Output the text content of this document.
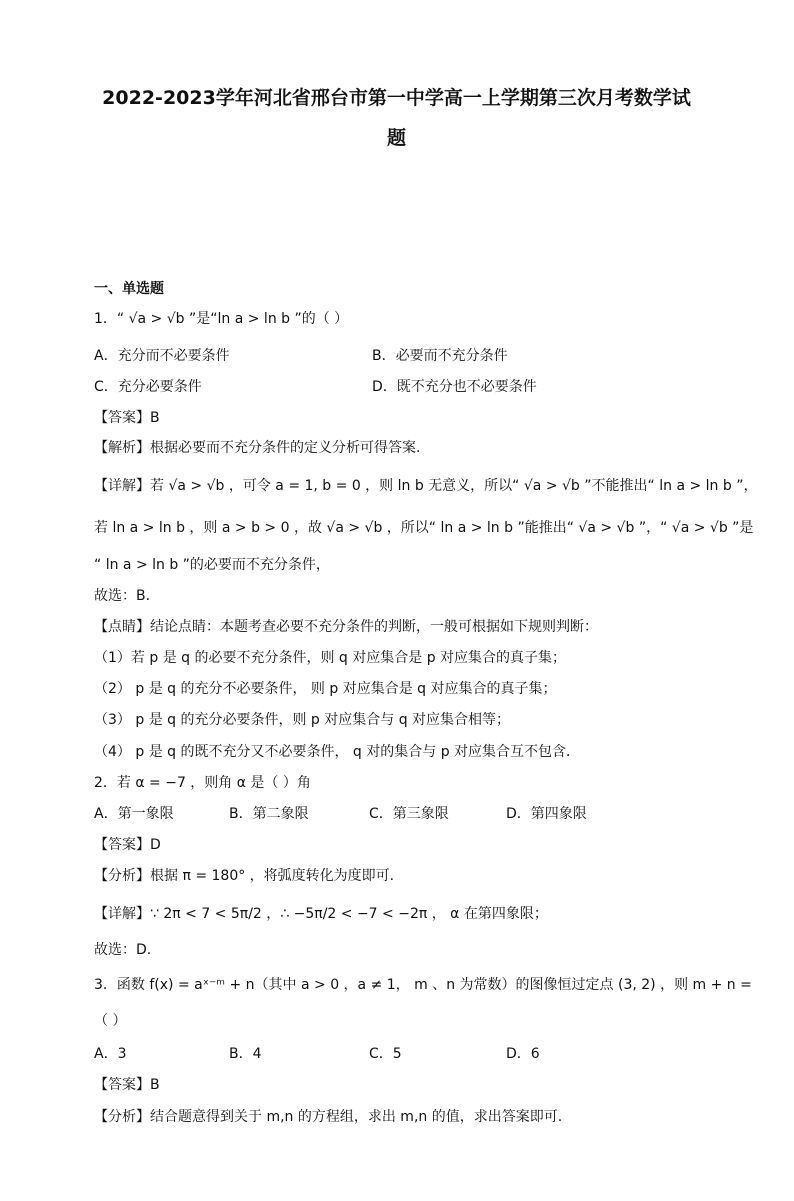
2022-2023学年河北省邢台市第一中学高一上学期第三次月考数学试
题
一、单选题
1．“ √a > √b ”是“ln a > ln b ”的（ ）
A．充分而不必要条件	B．必要而不充分条件
C．充分必要条件	D．既不充分也不必要条件
【答案】B
【解析】根据必要而不充分条件的定义分析可得答案.
【详解】若 √a > √b ，可令 a = 1, b = 0 ，则 ln b 无意义，所以“ √a > √b ”不能推出“ ln a > ln b ”，
若 ln a > ln b ，则 a > b > 0 ，故 √a > √b ，所以“ ln a > ln b ”能推出“ √a > √b ”，“ √a > √b ”是
“ ln a > ln b ”的必要而不充分条件，
故选：B．
【点睛】结论点睛：本题考查必要不充分条件的判断，一般可根据如下规则判断：
（1）若 p 是 q 的必要不充分条件，则 q 对应集合是 p 对应集合的真子集；
（2） p 是 q 的充分不必要条件， 则 p 对应集合是 q 对应集合的真子集；
（3） p 是 q 的充分必要条件，则 p 对应集合与 q 对应集合相等；
（4） p 是 q 的既不充分又不必要条件， q 对的集合与 p 对应集合互不包含．
2．若 α = −7 ，则角 α 是（ ）角
A．第一象限	B．第二象限	C．第三象限	D．第四象限
【答案】D
【分析】根据 π = 180° ，将弧度转化为度即可.
【详解】∵ 2π < 7 < 5π/2 ，∴ −5π/2 < −7 < −2π ， α 在第四象限；
故选：D.
3．函数 f(x) = aˣ⁻ᵐ + n（其中 a > 0 ，a ≠ 1， m 、n 为常数）的图像恒过定点 (3, 2) ，则 m + n =
（ ）
A．3	B．4	C．5	D．6
【答案】B
【分析】结合题意得到关于 m,n 的方程组，求出 m,n 的值，求出答案即可.
